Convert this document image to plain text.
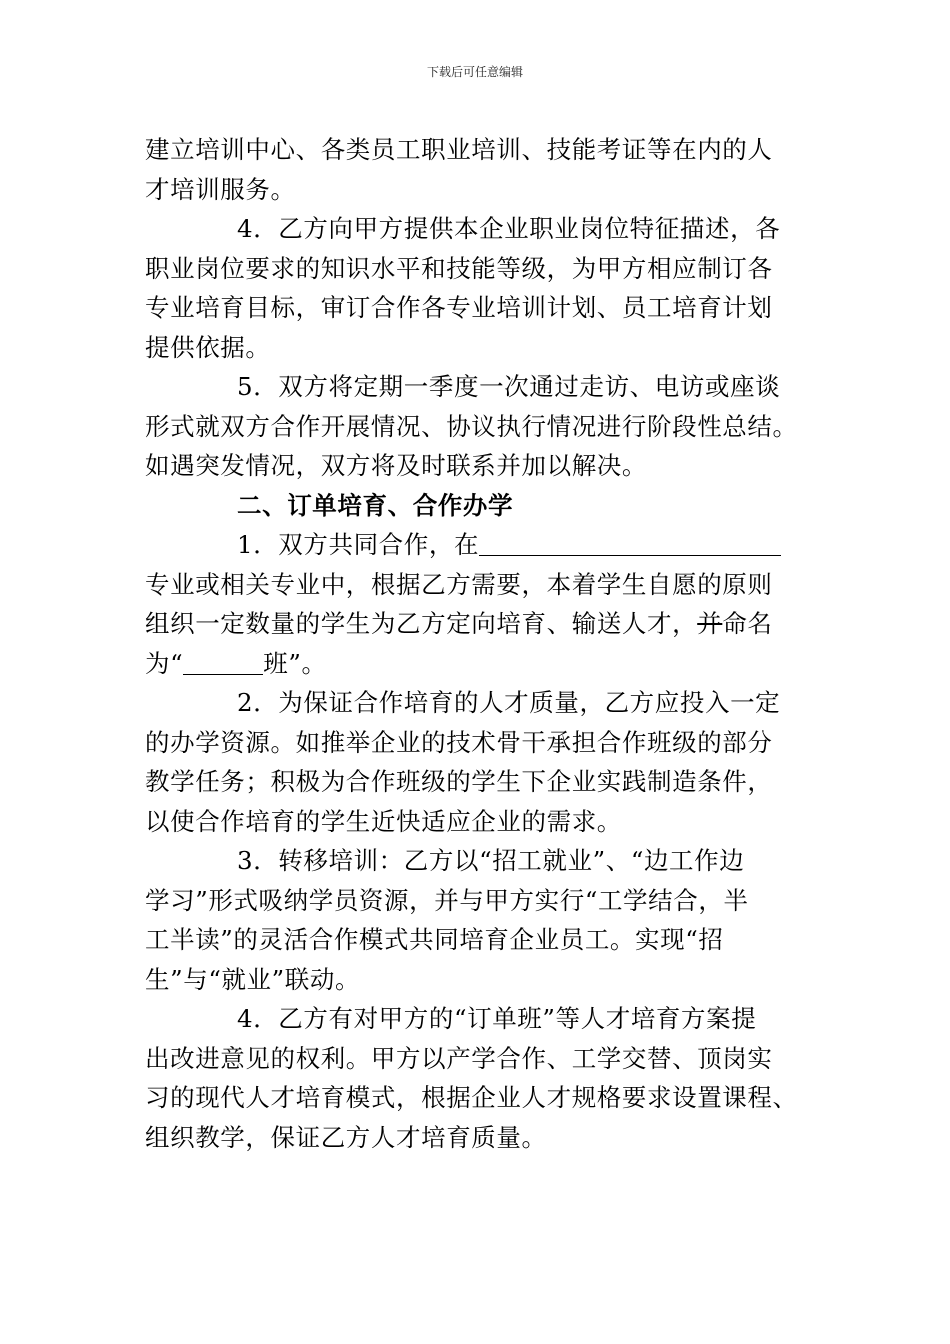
下载后可任意编辑
建立培训中心、各类员工职业培训、技能考证等在内的人
才培训服务。
4．乙方向甲方提供本企业职业岗位特征描述，各
职业岗位要求的知识水平和技能等级，为甲方相应制订各
专业培育目标，审订合作各专业培训计划、员工培育计划
提供依据。
5．双方将定期一季度一次通过走访、电访或座谈
形式就双方合作开展情况、协议执行情况进行阶段性总结。
如遇突发情况，双方将及时联系并加以解决。
二、订单培育、合作办学
1．双方共同合作，在
专业或相关专业中，根据乙方需要，本着学生自愿的原则
组织一定数量的学生为乙方定向培育、输送人才，并命名
为“	班”。
2．为保证合作培育的人才质量，乙方应投入一定
的办学资源。如推举企业的技术骨干承担合作班级的部分
教学任务；积极为合作班级的学生下企业实践制造条件，
以使合作培育的学生近快适应企业的需求。
3．转移培训：乙方以“招工就业”、“边工作边
学习”形式吸纳学员资源，并与甲方实行“工学结合，半
工半读”的灵活合作模式共同培育企业员工。实现“招
生”与“就业”联动。
4．乙方有对甲方的“订单班”等人才培育方案提
出改进意见的权利。甲方以产学合作、工学交替、顶岗实
习的现代人才培育模式，根据企业人才规格要求设置课程、
组织教学，保证乙方人才培育质量。
